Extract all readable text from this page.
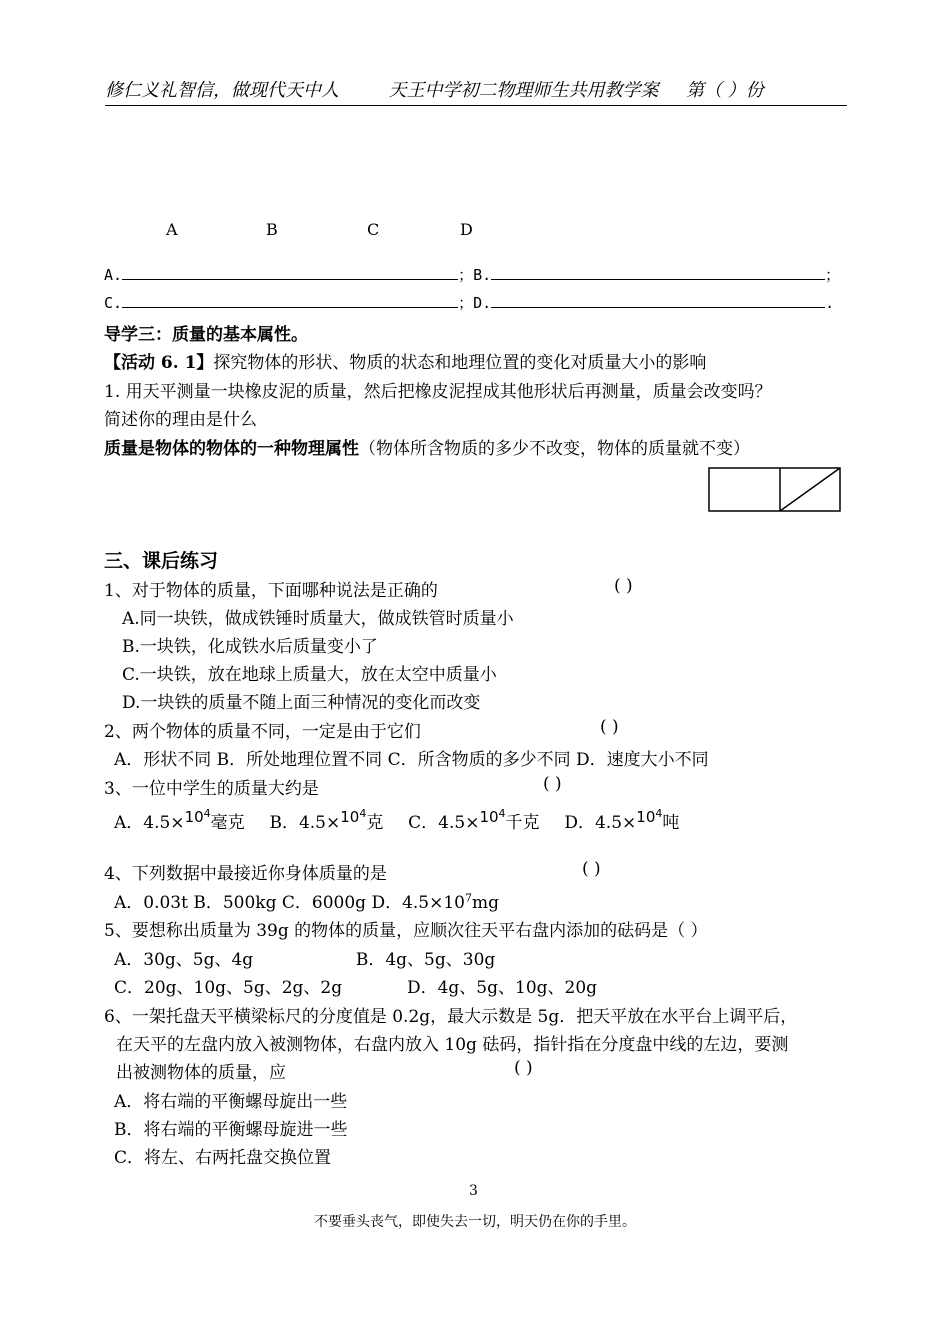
修仁义礼智信，做现代天中人	天王中学初二物理师生共用教学案 第（ ）份
A	B	C	D
A.	；B.	；
C.	；D.	.
导学三：质量的基本属性。
【活动 6. 1】探究物体的形状、物质的状态和地理位置的变化对质量大小的影响
1. 用天平测量一块橡皮泥的质量，然后把橡皮泥捏成其他形状后再测量，质量会改变吗？
简述你的理由是什么
质量是物体的物体的一种物理属性（物体所含物质的多少不改变，物体的质量就不变）
三、课后练习
1、对于物体的质量，下面哪种说法是正确的	( )
A.同一块铁，做成铁锤时质量大，做成铁管时质量小
B.一块铁，化成铁水后质量变小了
C.一块铁，放在地球上质量大，放在太空中质量小
D.一块铁的质量不随上面三种情况的变化而改变
2、两个物体的质量不同，一定是由于它们	( )
A．形状不同 B．所处地理位置不同 C．所含物质的多少不同 D．速度大小不同
3、一位中学生的质量大约是	( )
A．$4.5\times 10^4$毫克 B．$4.5\times 10^4$克 C．$4.5\times 10^4$千克 D．$4.5\times 10^4$吨
4、下列数据中最接近你身体质量的是	( )
A．0.03t B．500kg C．6000g D．$4.5\times 10^7mg$
5、要想称出质量为 39g 的物体的质量，应顺次往天平右盘内添加的砝码是（ ）
A．30g、5g、4g                   B．4g、5g、30g
C．20g、10g、5g、2g、2g            D．4g、5g、10g、20g
6、一架托盘天平横梁标尺的分度值是 0.2g，最大示数是 5g．把天平放在水平台上调平后，
在天平的左盘内放入被测物体，右盘内放入 10g 砝码，指针指在分度盘中线的左边，要测
出被测物体的质量，应	( )
A．将右端的平衡螺母旋出一些
B．将右端的平衡螺母旋进一些
C．将左、右两托盘交换位置
3
不要垂头丧气，即使失去一切，明天仍在你的手里。
